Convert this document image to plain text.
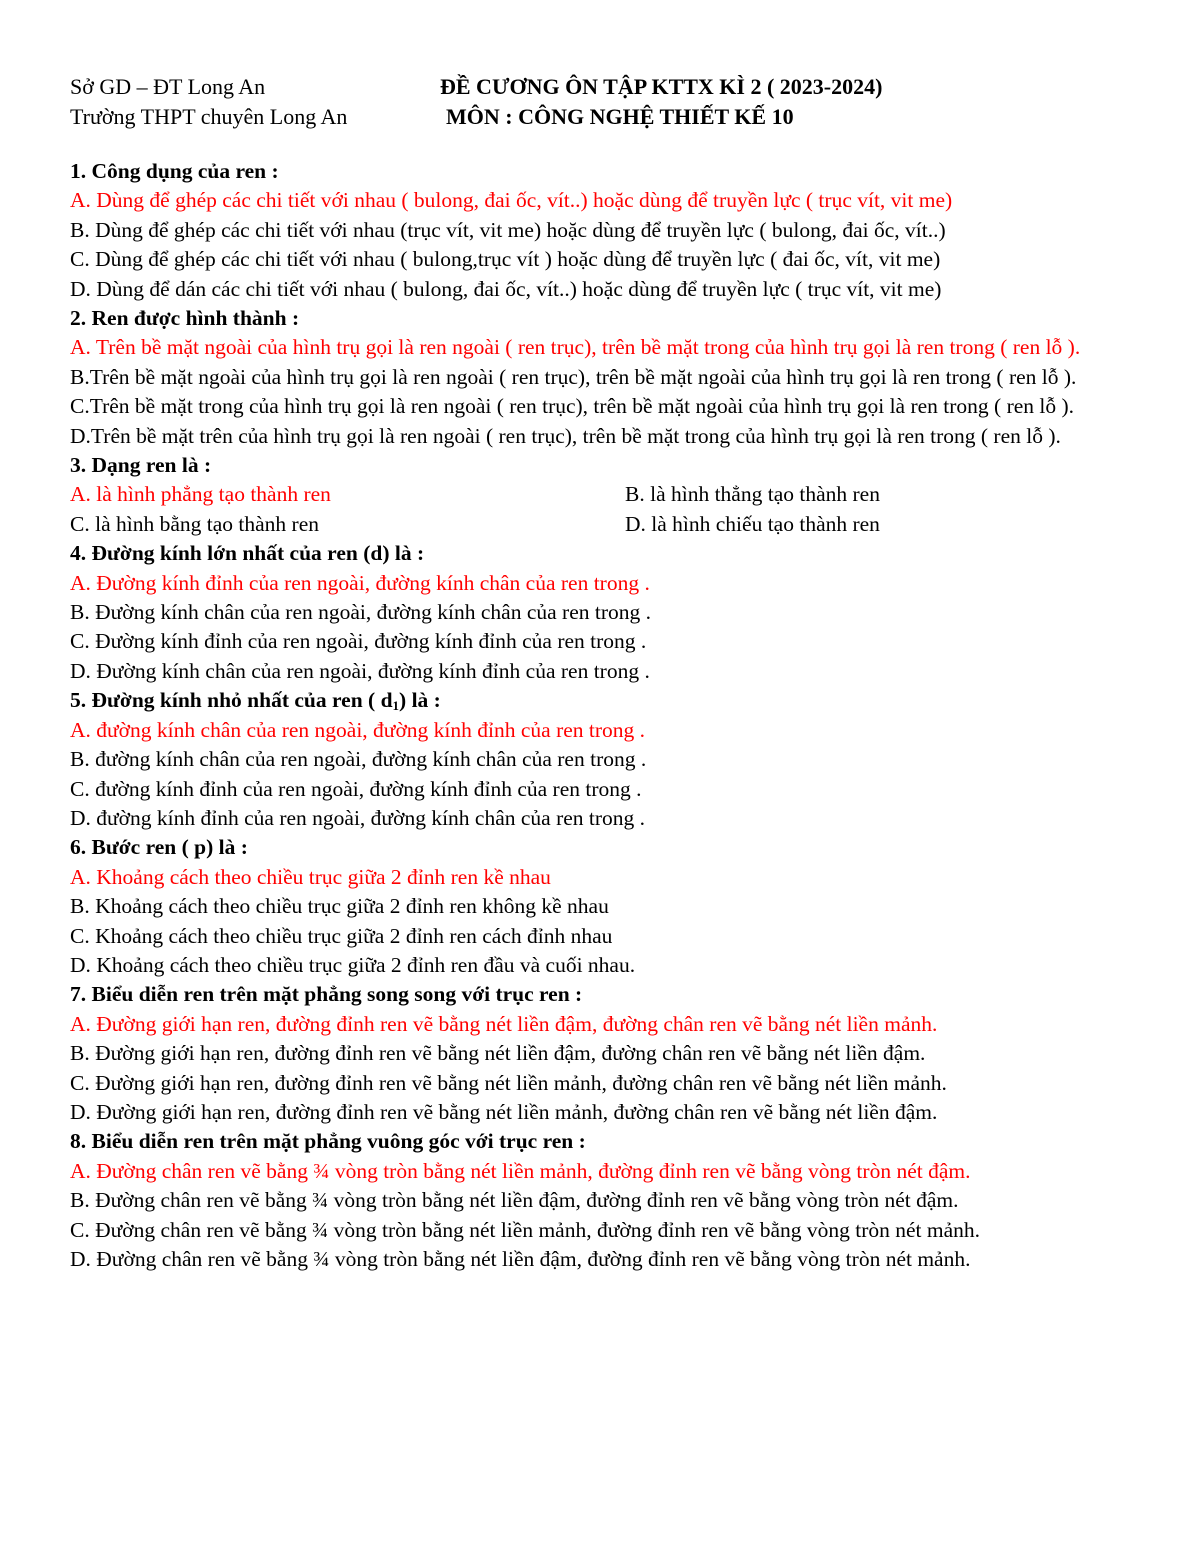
Sở GD – ĐT Long An	ĐỀ CƯƠNG ÔN TẬP KTTX KÌ 2 ( 2023-2024)
Trường THPT chuyên Long An	MÔN : CÔNG NGHỆ THIẾT KẾ 10
1. Công dụng của ren :
A. Dùng để ghép các chi tiết với nhau ( bulong, đai ốc, vít..) hoặc dùng để truyền lực ( trục vít, vit me)
B. Dùng để ghép các chi tiết với nhau (trục vít, vit me) hoặc dùng để truyền lực ( bulong, đai ốc, vít..)
C. Dùng để ghép các chi tiết với nhau ( bulong,trục vít ) hoặc dùng để truyền lực ( đai ốc, vít, vit me)
D. Dùng để dán các chi tiết với nhau ( bulong, đai ốc, vít..) hoặc dùng để truyền lực ( trục vít, vit me)
2. Ren được hình thành :
A. Trên bề mặt ngoài của hình trụ gọi là ren ngoài ( ren trục), trên bề mặt trong của hình trụ gọi là ren trong ( ren lỗ ).
B.Trên bề mặt ngoài của hình trụ gọi là ren ngoài ( ren trục), trên bề mặt ngoài của hình trụ gọi là ren trong ( ren lỗ ).
C.Trên bề mặt trong của hình trụ gọi là ren ngoài ( ren trục), trên bề mặt ngoài của hình trụ gọi là ren trong ( ren lỗ ).
D.Trên bề mặt trên của hình trụ gọi là ren ngoài ( ren trục), trên bề mặt trong của hình trụ gọi là ren trong ( ren lỗ ).
3. Dạng ren là :
A. là hình phẳng tạo thành ren	B. là hình thẳng tạo thành ren
C. là hình bằng tạo thành ren	D. là hình chiếu tạo thành ren
4. Đường kính lớn nhất của ren (d) là :
A. Đường kính đỉnh của ren ngoài, đường kính chân của ren trong .
B. Đường kính chân của ren ngoài, đường kính chân của ren trong .
C. Đường kính đỉnh của ren ngoài, đường kính đỉnh của ren trong .
D. Đường kính chân của ren ngoài, đường kính đỉnh của ren trong .
5. Đường kính nhỏ nhất của ren ( $d_1$) là :
A. đường kính chân của ren ngoài, đường kính đỉnh của ren trong .
B. đường kính chân của ren ngoài, đường kính chân của ren trong .
C. đường kính đỉnh của ren ngoài, đường kính đỉnh của ren trong .
D. đường kính đỉnh của ren ngoài, đường kính chân của ren trong .
6. Bước ren ( p) là :
A. Khoảng cách theo chiều trục giữa 2 đỉnh ren kề nhau
B. Khoảng cách theo chiều trục giữa 2 đỉnh ren không kề nhau
C. Khoảng cách theo chiều trục giữa 2 đỉnh ren cách đỉnh nhau
D. Khoảng cách theo chiều trục giữa 2 đỉnh ren đầu và cuối nhau.
7. Biểu diễn ren trên mặt phẳng song song với trục ren :
A. Đường giới hạn ren, đường đỉnh ren vẽ bằng nét liền đậm, đường chân ren vẽ bằng nét liền mảnh.
B. Đường giới hạn ren, đường đỉnh ren vẽ bằng nét liền đậm, đường chân ren vẽ bằng nét liền đậm.
C. Đường giới hạn ren, đường đỉnh ren vẽ bằng nét liền mảnh, đường chân ren vẽ bằng nét liền mảnh.
D. Đường giới hạn ren, đường đỉnh ren vẽ bằng nét liền mảnh, đường chân ren vẽ bằng nét liền đậm.
8. Biểu diễn ren trên mặt phẳng vuông góc với trục ren :
A. Đường chân ren vẽ bằng ¾ vòng tròn bằng nét liền mảnh, đường đỉnh ren vẽ bằng vòng tròn nét đậm.
B. Đường chân ren vẽ bằng ¾ vòng tròn bằng nét liền đậm, đường đỉnh ren vẽ bằng vòng tròn nét đậm.
C. Đường chân ren vẽ bằng ¾ vòng tròn bằng nét liền mảnh, đường đỉnh ren vẽ bằng vòng tròn nét mảnh.
D. Đường chân ren vẽ bằng ¾ vòng tròn bằng nét liền đậm, đường đỉnh ren vẽ bằng vòng tròn nét mảnh.
